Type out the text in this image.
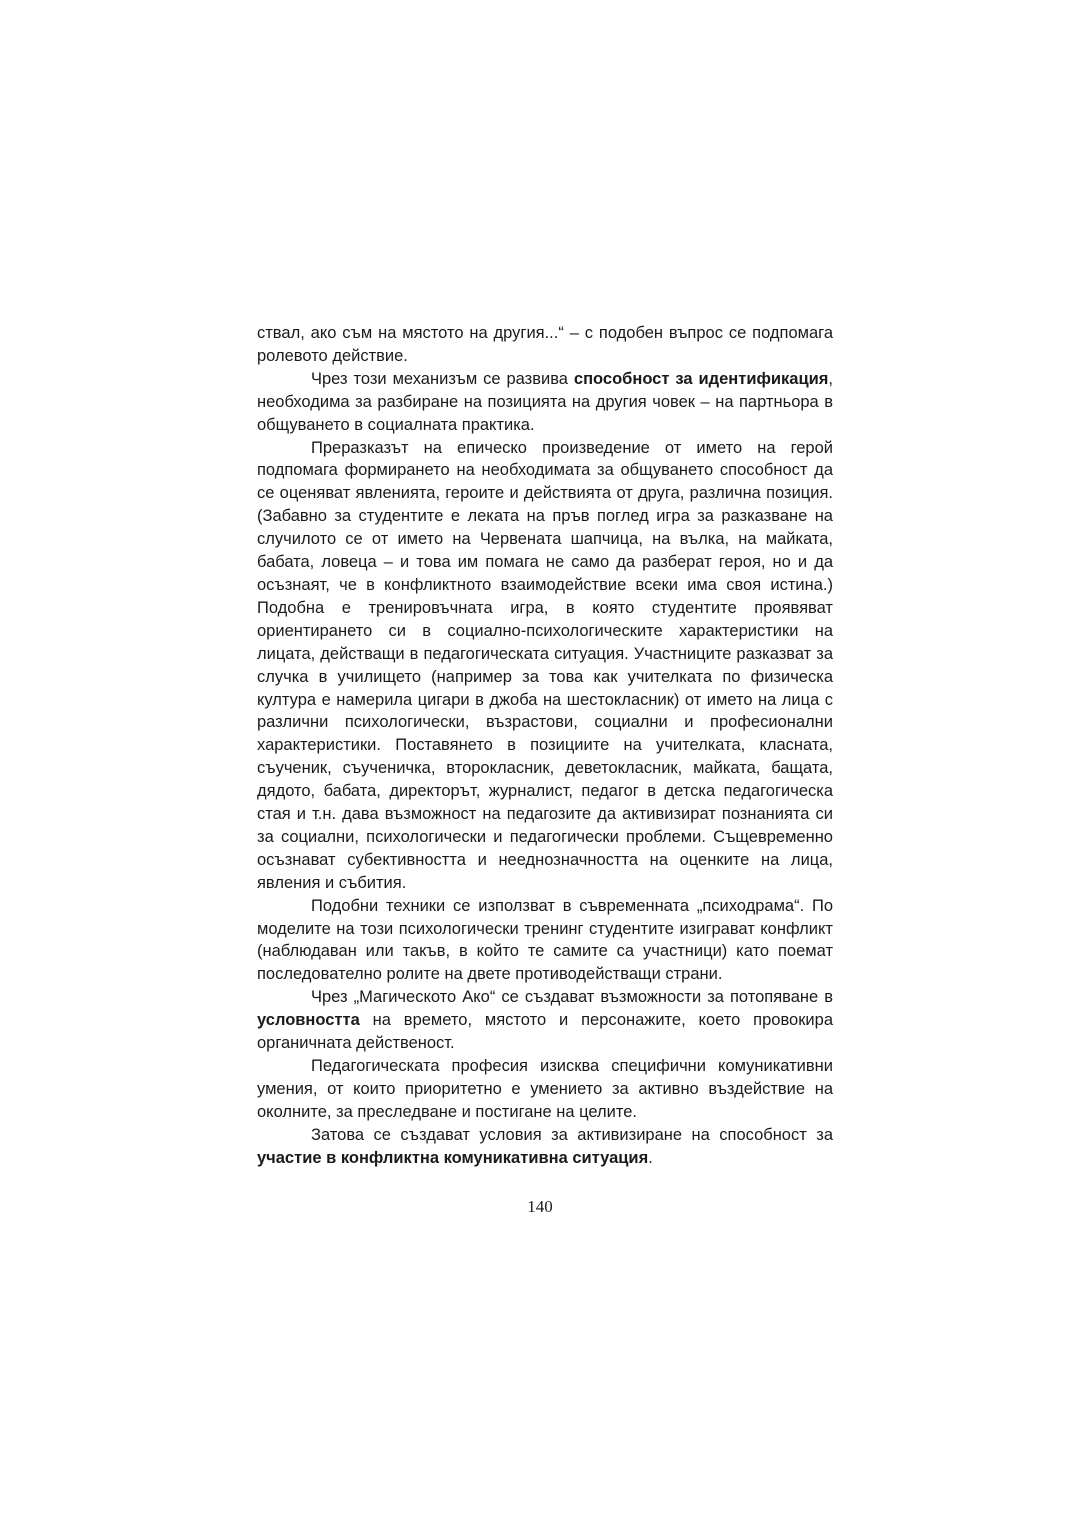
ствал, ако съм на мястото на другия...“ – с подобен въпрос се подпомага ролевото действие.

Чрез този механизъм се развива способност за идентификация, необходима за разбиране на позицията на другия човек – на партньора в общуването в социалната практика.

Преразказът на епическо произведение от името на герой подпомага формирането на необходимата за общуването способност да се оценяват явленията, героите и действията от друга, различна позиция. (Забавно за студентите е леката на пръв поглед игра за разказване на случилото се от името на Червената шапчица, на вълка, на майката, бабата, ловеца – и това им помага не само да разберат героя, но и да осъзнаят, че в конфликтното взаимодействие всеки има своя истина.) Подобна е тренировъчната игра, в която студентите проявяват ориентирането си в социално-психологическите характеристики на лицата, действащи в педагогическата ситуация. Участниците разказват за случка в училището (например за това как учителката по физическа култура е намерила цигари в джоба на шестокласник) от името на лица с различни психологически, възрастови, социални и професионални характеристики. Поставянето в позициите на учителката, класната, съученик, съученичка, второкласник, деветокласник, майката, бащата, дядото, бабата, директорът, журналист, педагог в детска педагогическа стая и т.н. дава възможност на педагозите да активизират познанията си за социални, психологически и педагогически проблеми. Същевременно осъзнават субективността и нееднозначността на оценките на лица, явления и събития.

Подобни техники се използват в съвременната „психодрама“. По моделите на този психологически тренинг студентите изиграват конфликт (наблюдаван или такъв, в който те самите са участници) като поемат последователно ролите на двете противодействащи страни.

Чрез „Магическото Ако“ се създават възможности за потопяване в условността на времето, мястото и персонажите, което провокира органичната действеност.

Педагогическата професия изисква специфични комуникативни умения, от които приоритетно е умението за активно въздействие на околните, за преследване и постигане на целите.

Затова се създават условия за активизиране на способност за участие в конфликтна комуникативна ситуация.

140
